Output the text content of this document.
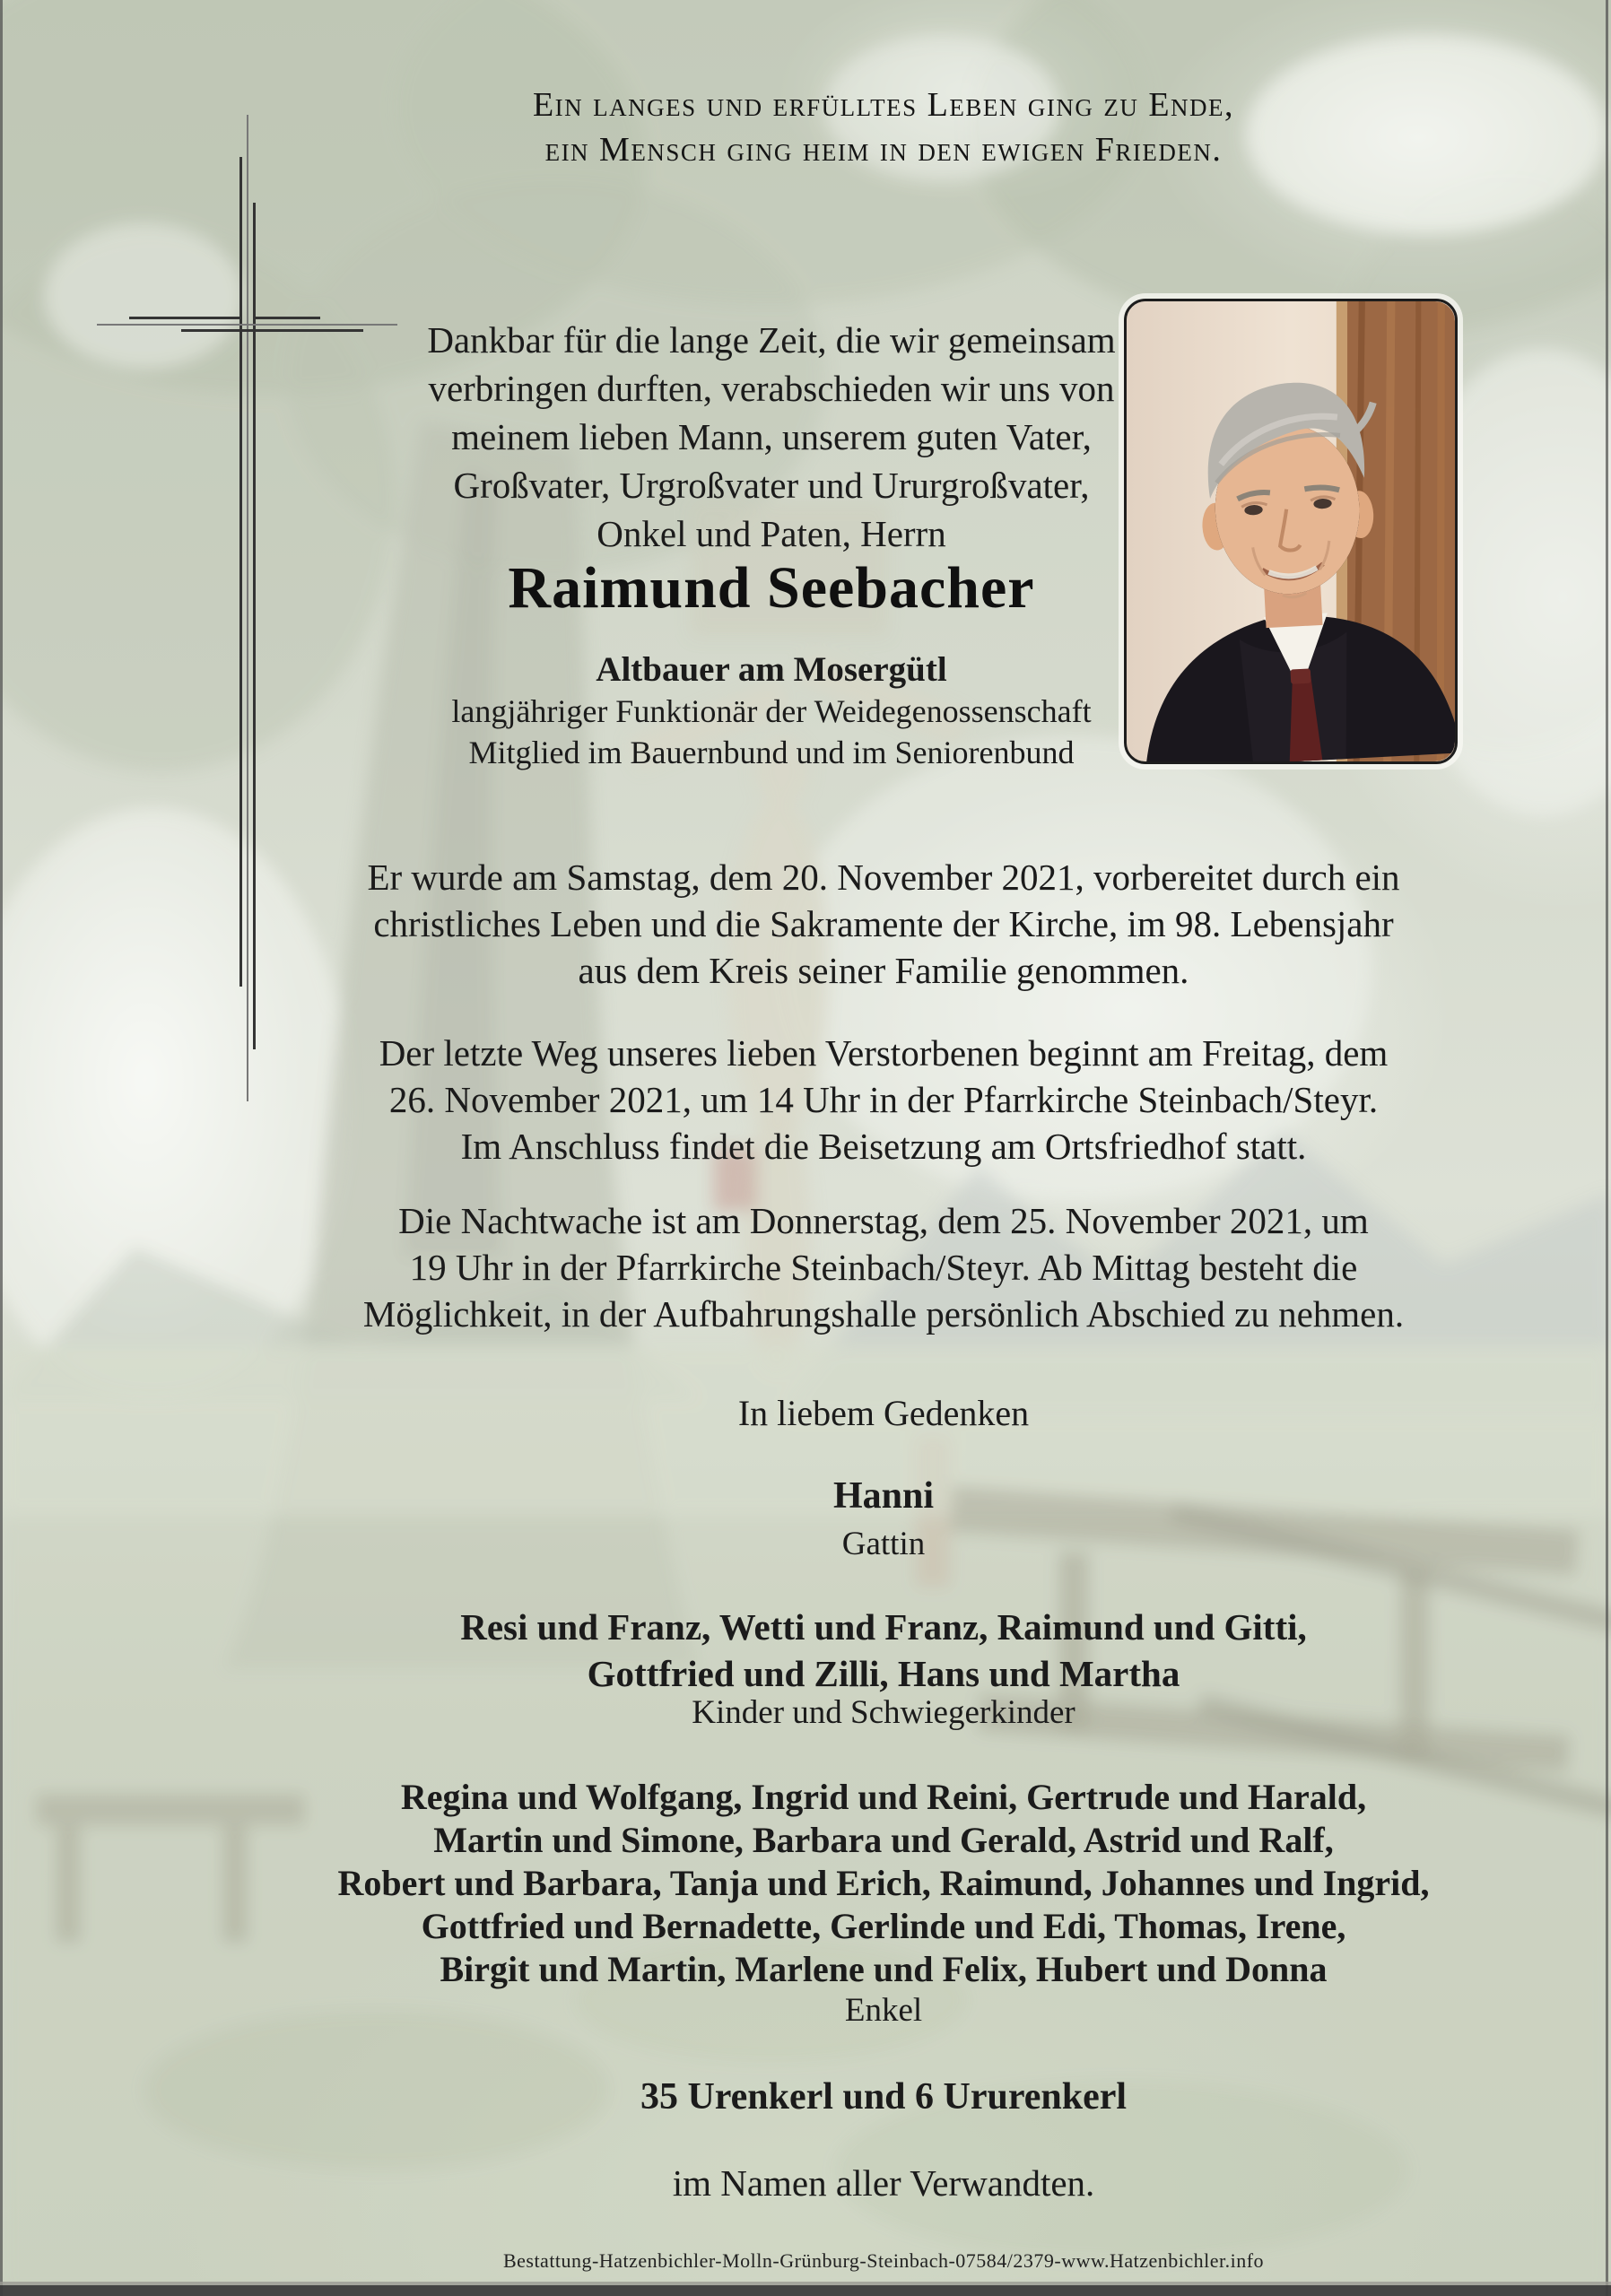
Ein langes und erfülltes Leben ging zu Ende,
ein Mensch ging heim in den ewigen Frieden.
Dankbar für die lange Zeit, die wir gemeinsam
verbringen durften, verabschieden wir uns von
meinem lieben Mann, unserem guten Vater,
Großvater, Urgroßvater und Ururgroßvater,
Onkel und Paten, Herrn
Raimund Seebacher
Altbauer am Mosergütl
langjähriger Funktionär der Weidegenossenschaft
Mitglied im Bauernbund und im Seniorenbund
Er wurde am Samstag, dem 20. November 2021, vorbereitet durch ein
christliches Leben und die Sakramente der Kirche, im 98. Lebensjahr
aus dem Kreis seiner Familie genommen.
Der letzte Weg unseres lieben Verstorbenen beginnt am Freitag, dem
26. November 2021, um 14 Uhr in der Pfarrkirche Steinbach/Steyr.
Im Anschluss findet die Beisetzung am Ortsfriedhof statt.
Die Nachtwache ist am Donnerstag, dem 25. November 2021, um
19 Uhr in der Pfarrkirche Steinbach/Steyr. Ab Mittag besteht die
Möglichkeit, in der Aufbahrungshalle persönlich Abschied zu nehmen.
In liebem Gedenken
Hanni
Gattin
Resi und Franz, Wetti und Franz, Raimund und Gitti,
Gottfried und Zilli, Hans und Martha
Kinder und Schwiegerkinder
Regina und Wolfgang, Ingrid und Reini, Gertrude und Harald,
Martin und Simone, Barbara und Gerald, Astrid und Ralf,
Robert und Barbara, Tanja und Erich, Raimund, Johannes und Ingrid,
Gottfried und Bernadette, Gerlinde und Edi, Thomas, Irene,
Birgit und Martin, Marlene und Felix, Hubert und Donna
Enkel
35 Urenkerl und 6 Ururenkerl
im Namen aller Verwandten.
Bestattung-Hatzenbichler-Molln-Grünburg-Steinbach-07584/2379-www.Hatzenbichler.info
